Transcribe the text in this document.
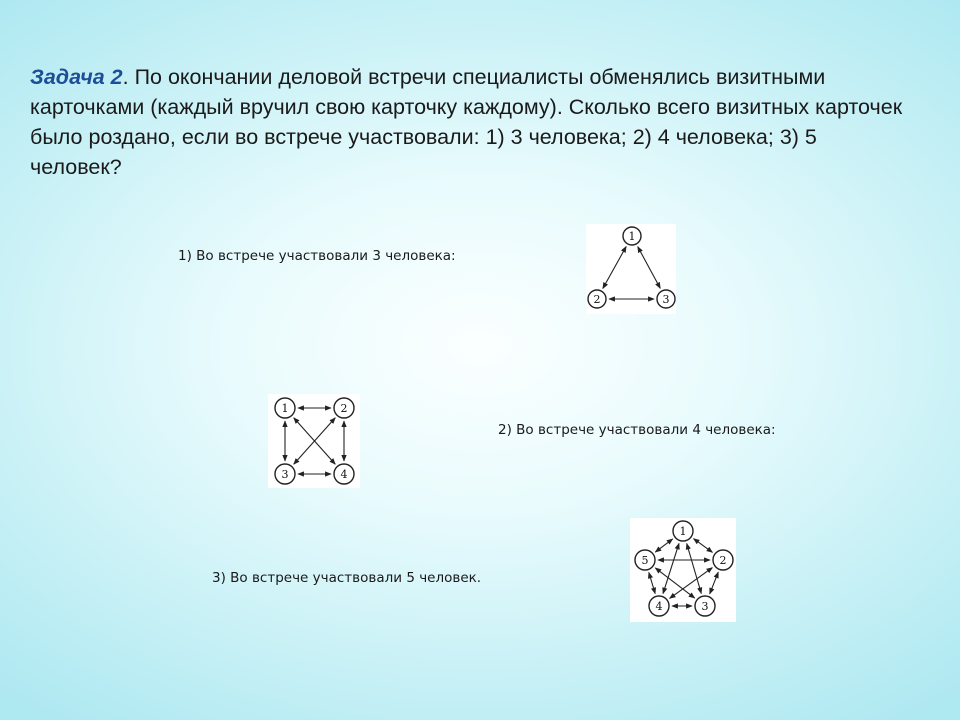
Задача 2. По окончании деловой встречи специалисты обменялись визитными карточками (каждый вручил свою карточку каждому). Сколько всего визитных карточек было роздано, если во встрече участвовали: 1) 3 человека; 2) 4 человека; 3) 5 человек?
1) Во встрече участвовали 3 человека:
2) Во встрече участвовали 4 человека:
3) Во встрече участвовали 5 человек.
1
2	3
1	2
3	4
1
2
3
4
5
